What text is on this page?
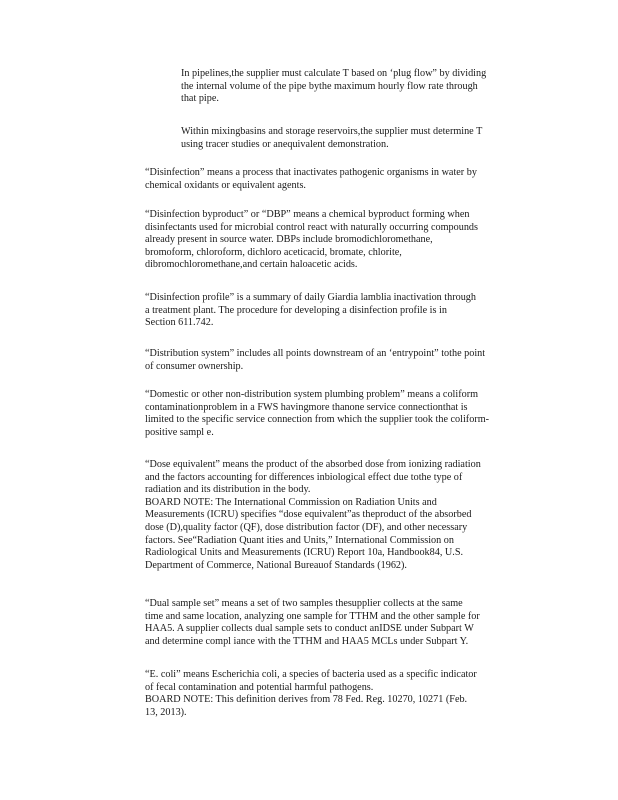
In pipelines,the supplier must calculate T based on ‘plug flow” by dividing
the internal volume of the pipe bythe maximum hourly flow rate through
that pipe.
Within mixingbasins and storage reservoirs,the supplier must determine T
using tracer studies or anequivalent demonstration.
“Disinfection” means a process that inactivates pathogenic organisms in water by
chemical oxidants or equivalent agents.
“Disinfection byproduct” or “DBP” means a chemical byproduct forming when
disinfectants used for microbial control react with naturally occurring compounds
already present in source water. DBPs include bromodichloromethane,
bromoform, chloroform, dichloro aceticacid, bromate, chlorite,
dibromochloromethane,and certain haloacetic acids.
“Disinfection profile” is a summary of daily Giardia lamblia inactivation through
a treatment plant. The procedure for developing a disinfection profile is in
Section 611.742.
“Distribution system” includes all points downstream of an ‘entrypoint” tothe point
of consumer ownership.
“Domestic or other non-distribution system plumbing problem” means a coliform
contaminationproblem in a FWS havingmore thanone service connectionthat is
limited to the specific service connection from which the supplier took the coliform-
positive sampl e.
“Dose equivalent” means the product of the absorbed dose from ionizing radiation
and the factors accounting for differences inbiological effect due tothe type of
radiation and its distribution in the body.
BOARD NOTE: The International Commission on Radiation Units and
Measurements (ICRU) specifies “dose equivalent”as theproduct of the absorbed
dose (D),quality factor (QF), dose distribution factor (DF), and other necessary
factors. See“Radiation Quant ities and Units,” International Commission on
Radiological Units and Measurements (ICRU) Report 10a, Handbook84, U.S.
Department of Commerce, National Bureauof Standards (1962).
“Dual sample set” means a set of two samples thesupplier collects at the same
time and same location, analyzing one sample for TTHM and the other sample for
HAA5. A supplier collects dual sample sets to conduct anIDSE under Subpart W
and determine compl iance with the TTHM and HAA5 MCLs under Subpart Y.
“E. coli” means Escherichia coli, a species of bacteria used as a specific indicator
of fecal contamination and potential harmful pathogens.
BOARD NOTE: This definition derives from 78 Fed. Reg. 10270, 10271 (Feb.
13, 2013).
